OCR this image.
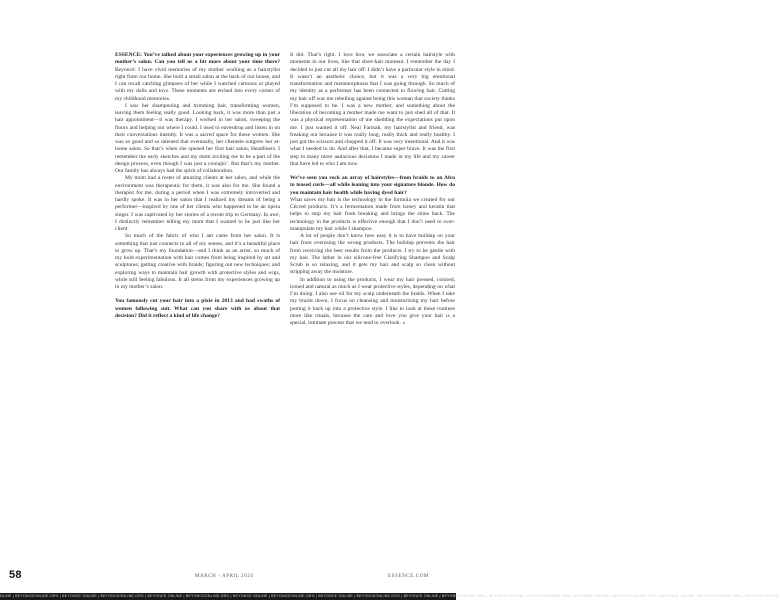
ESSENCE: You’ve talked about your experiences growing up in your mother’s salon. Can you tell us a bit more about your time there? Beyoncé: I have vivid memories of my mother working as a hairstylist right from our home. She built a small salon at the back of our house, and I can recall catching glimpses of her while I watched cartoons or played with my dolls and toys. These moments are etched into every corner of my childhood memories.

I saw her shampooing and trimming hair, transforming women, leaving them feeling really good. Looking back, it was more than just a hair appointment—it was therapy. I worked in her salon, sweeping the floors and helping out where I could. I used to eavesdrop and listen in on their conversations intently. It was a sacred space for these women. She was so good and so talented that eventually, her clientele outgrew her at-home salon. So that’s when she opened her first hair salon, Headliners. I remember the early sketches and my mom inviting me to be a part of the design process, even though I was just a youngin’. But that’s my mother. Our family has always had the spirit of collaboration.

My mom had a roster of amazing clients at her salon, and while the environment was therapeutic for them, it was also for me. She found a therapist for me, during a period when I was extremely introverted and hardly spoke. It was in her salon that I realized my dreams of being a performer—inspired by one of her clients who happened to be an opera singer. I was captivated by her stories of a recent trip to Germany. In awe, I distinctly remember telling my mom that I wanted to be just like her client.

So much of the fabric of who I am came from her salon. It is something that just connects to all of my senses, and it’s a beautiful place to grow up. That’s my foundation—and I think as an artist, so much of my bold experimentation with hair comes from being inspired by art and sculptures; getting creative with braids; figuring out new techniques; and exploring ways to maintain hair growth with protective styles and wigs, while still feeling fabulous. It all stems from my experiences growing up in my mother’s salon.

You famously cut your hair into a pixie in 2013 and had swaths of women following suit. What can you share with us about that decision? Did it reflect a kind of life change?

It did. That’s right. I love how we associate a certain hairstyle with moments in our lives, like that short-hair moment. I remember the day I decided to just cut all my hair off. I didn’t have a particular style in mind. It wasn’t an aesthetic choice, but it was a very big emotional transformation and metamorphosis that I was going through. So much of my identity as a performer has been connected to flowing hair. Cutting my hair off was me rebelling against being this woman that society thinks I’m supposed to be. I was a new mother, and something about the liberation of becoming a mother made me want to just shed all of that. It was a physical representation of me shedding the expectations put upon me. I just wanted it off. Neal Farinah, my hairstylist and friend, was freaking out because it was really long, really thick and really healthy. I just got the scissors and chopped it off. It was very intentional. And it was what I needed to do. And after that, I became super brave. It was the first step to many more audacious decisions I made in my life and my career that have led to who I am now.

We’ve seen you rock an array of hairstyles—from braids to an Afro to teased curls—all while leaning into your signature blonde. How do you maintain hair health while having dyed hair?

What saves my hair is the technology in the formula we created for our Cécred products. It’s a fermentation made from honey and keratin that helps to stop my hair from breaking and brings the shine back. The technology in the products is effective enough that I don’t need to over-manipulate my hair while I shampoo.

A lot of people don’t know how easy it is to have buildup on your hair from overusing the wrong products. The buildup prevents the hair from receiving the best results from the products. I try to be gentle with my hair. The lather in our silicone-free Clarifying Shampoo and Scalp Scrub is so relaxing, and it gets my hair and scalp so clean without stripping away the moisture.

In addition to using the products, I wear my hair pressed, colored, ironed and natural as much as I wear protective styles, depending on what I’m doing. I also use oil for my scalp underneath the braids. When I take my braids down, I focus on cleansing and moisturizing my hair before putting it back up into a protective style. I like to look at these routines more like rituals, because the care and love you give your hair is a special, intimate process that we tend to overlook. »

58	MARCH - APRIL 2024	ESSENCE.COM
NLINE | BEYONCEONLINE.ORG | BEYONCE ONLINE | BEYONCEONLINE.ORG | BEYONCE ONLINE | BEYONCEONLINE.ORG | BEYONCE ONLINE | BEYONCEONLINE.ORG | BEYONCE ONLINE | BEYONCEONLINE.ORG | BEYONCE ONLINE | BEYONCEONLINE.ORG | BEYONCE ONLINE | BEYONCEONLINE.ORG | BEYONCE ONLINE | BEYONCEONLINE.ORG | BEYONCE ONLINE | BEYONCEONLINE.ORG | BEYONCE ONLINE
